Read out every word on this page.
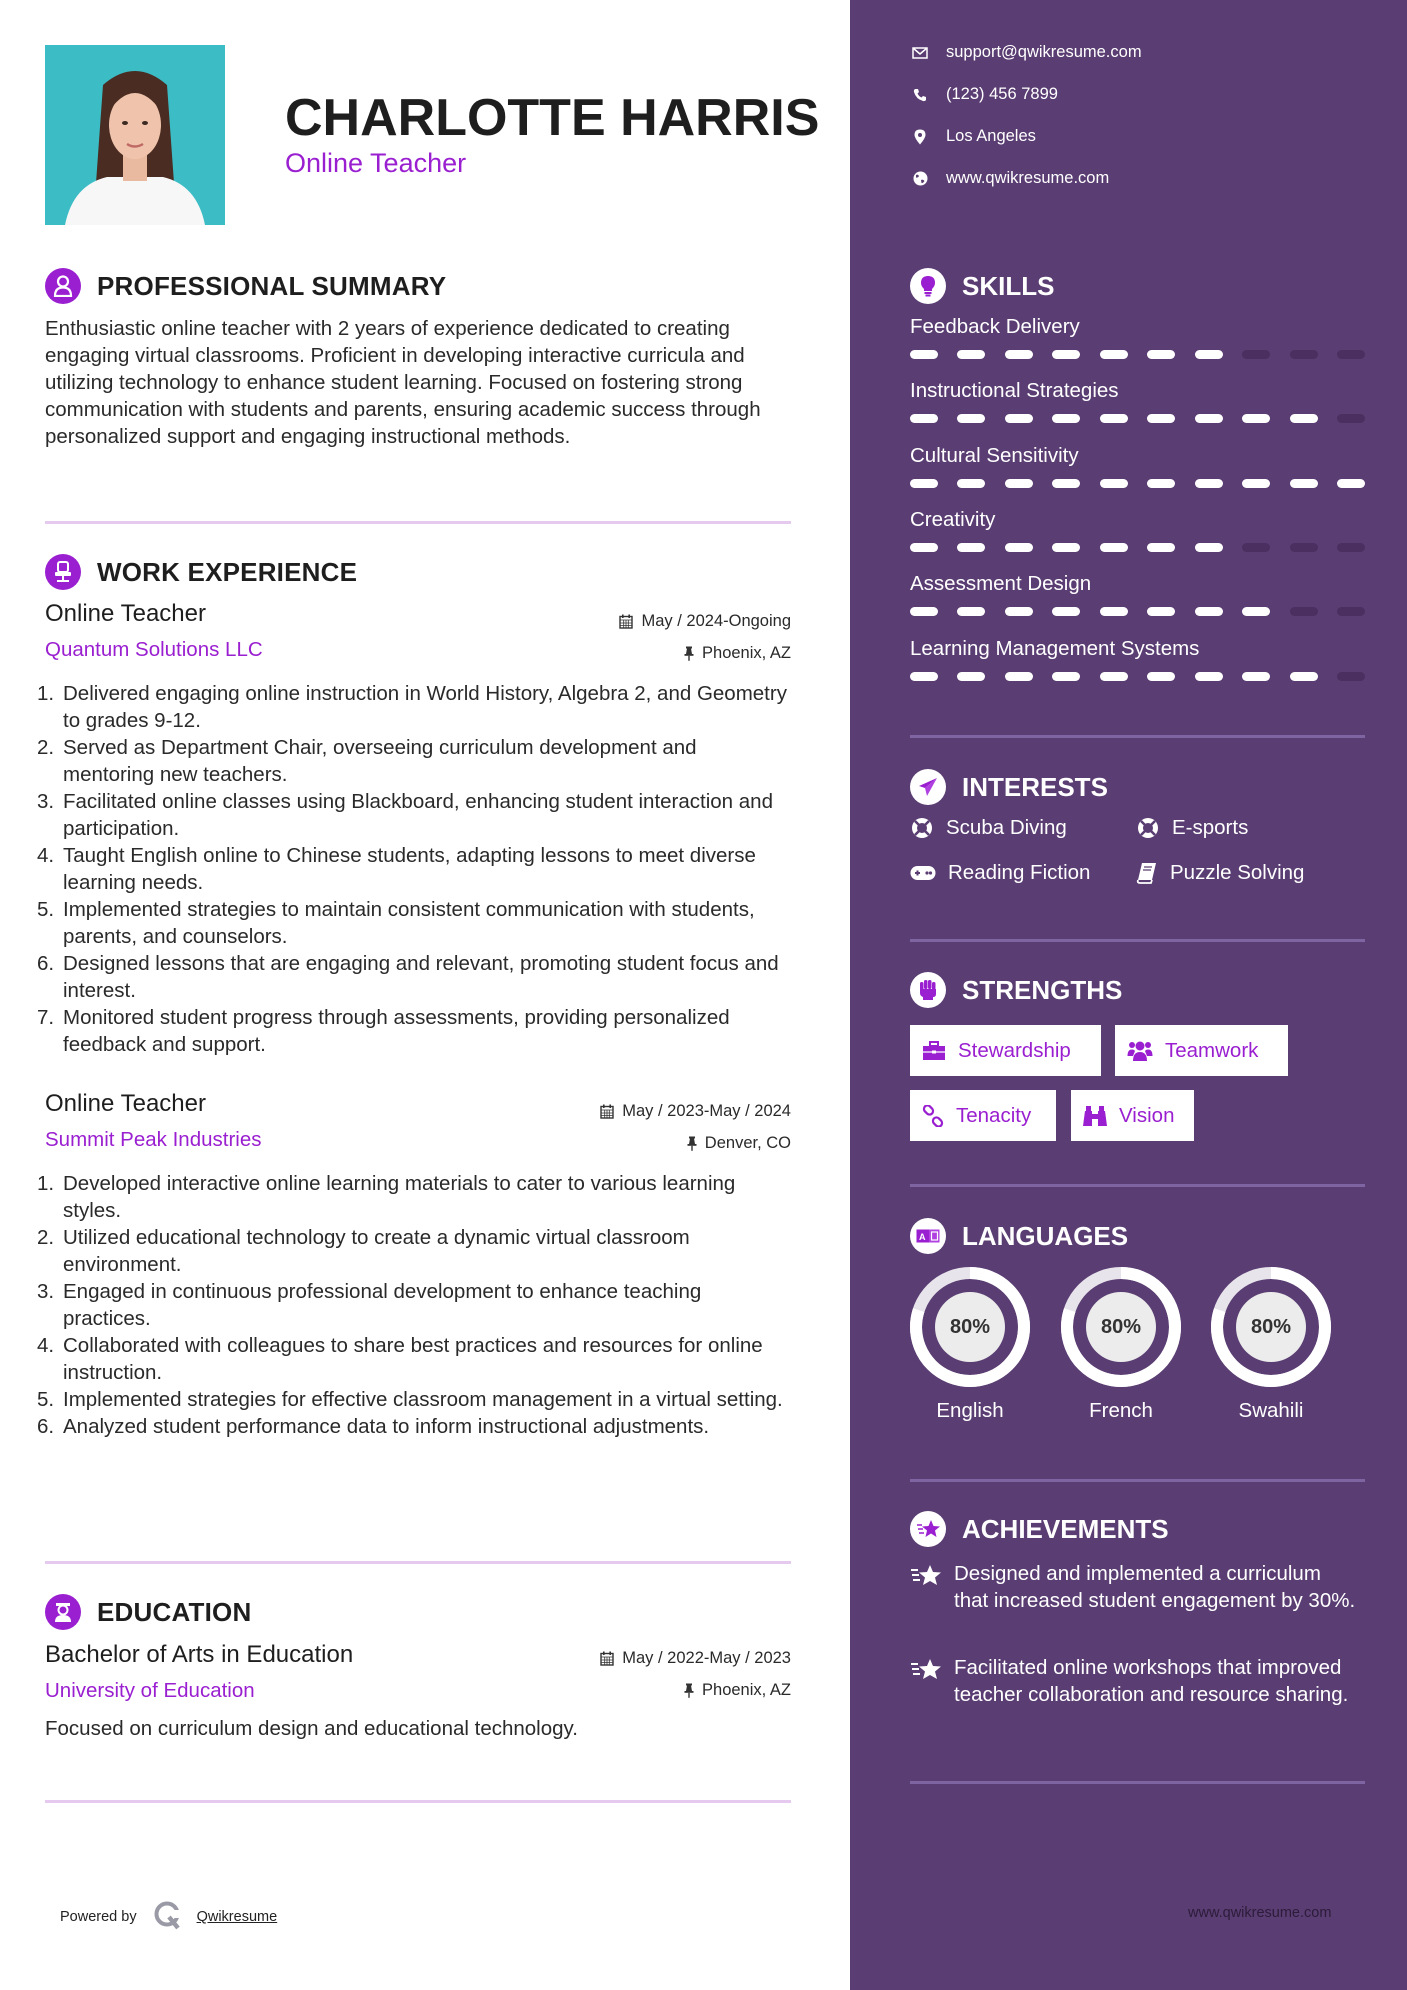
CHARLOTTE HARRIS
Online Teacher
PROFESSIONAL SUMMARY
Enthusiastic online teacher with 2 years of experience dedicated to creating engaging virtual classrooms. Proficient in developing interactive curricula and utilizing technology to enhance student learning. Focused on fostering strong communication with students and parents, ensuring academic success through personalized support and engaging instructional methods.
WORK EXPERIENCE
Online Teacher
Quantum Solutions LLC
May / 2024-Ongoing
Phoenix, AZ
1. Delivered engaging online instruction in World History, Algebra 2, and Geometry to grades 9-12.
2. Served as Department Chair, overseeing curriculum development and mentoring new teachers.
3. Facilitated online classes using Blackboard, enhancing student interaction and participation.
4. Taught English online to Chinese students, adapting lessons to meet diverse learning needs.
5. Implemented strategies to maintain consistent communication with students, parents, and counselors.
6. Designed lessons that are engaging and relevant, promoting student focus and interest.
7. Monitored student progress through assessments, providing personalized feedback and support.
Online Teacher
Summit Peak Industries
May / 2023-May / 2024
Denver, CO
1. Developed interactive online learning materials to cater to various learning styles.
2. Utilized educational technology to create a dynamic virtual classroom environment.
3. Engaged in continuous professional development to enhance teaching practices.
4. Collaborated with colleagues to share best practices and resources for online instruction.
5. Implemented strategies for effective classroom management in a virtual setting.
6. Analyzed student performance data to inform instructional adjustments.
EDUCATION
Bachelor of Arts in Education
University of Education
May / 2022-May / 2023
Phoenix, AZ
Focused on curriculum design and educational technology.
Powered by	Qwikresume
support@qwikresume.com
(123) 456 7899
Los Angeles
www.qwikresume.com
SKILLS
Feedback Delivery
Instructional Strategies
Cultural Sensitivity
Creativity
Assessment Design
Learning Management Systems
INTERESTS
Scuba Diving	E-sports
Reading Fiction	Puzzle Solving
STRENGTHS
Stewardship	Teamwork
Tenacity	Vision
A LANGUAGES
80%
English
80%
French
80%
Swahili
ACHIEVEMENTS
Designed and implemented a curriculum that increased student engagement by 30%.
Facilitated online workshops that improved teacher collaboration and resource sharing.
www.qwikresume.com
